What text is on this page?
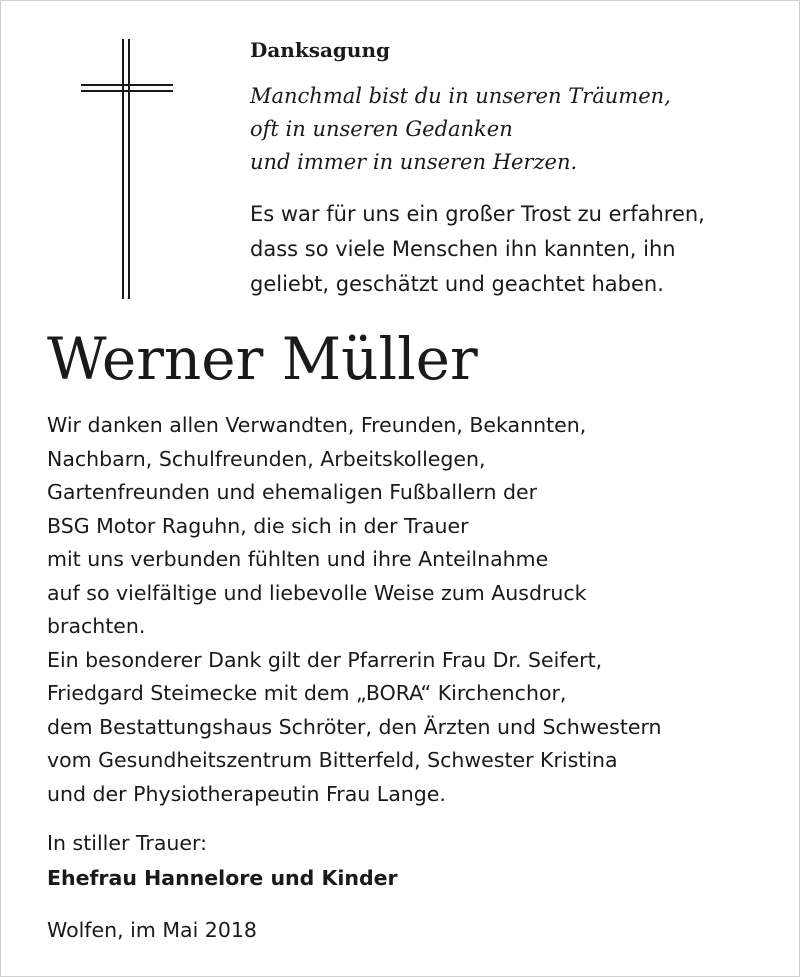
Danksagung
Manchmal bist du in unseren Träumen,
oft in unseren Gedanken
und immer in unseren Herzen.
Es war für uns ein großer Trost zu erfahren,
dass so viele Menschen ihn kannten, ihn
geliebt, geschätzt und geachtet haben.
Werner Müller
Wir danken allen Verwandten, Freunden, Bekannten,
Nachbarn, Schulfreunden, Arbeitskollegen,
Gartenfreunden und ehemaligen Fußballern der
BSG Motor Raguhn, die sich in der Trauer
mit uns verbunden fühlten und ihre Anteilnahme
auf so vielfältige und liebevolle Weise zum Ausdruck
brachten.
Ein besonderer Dank gilt der Pfarrerin Frau Dr. Seifert,
Friedgard Steimecke mit dem „BORA“ Kirchenchor,
dem Bestattungshaus Schröter, den Ärzten und Schwestern
vom Gesundheitszentrum Bitterfeld, Schwester Kristina
und der Physiotherapeutin Frau Lange.
In stiller Trauer:
Ehefrau Hannelore und Kinder
Wolfen, im Mai 2018
